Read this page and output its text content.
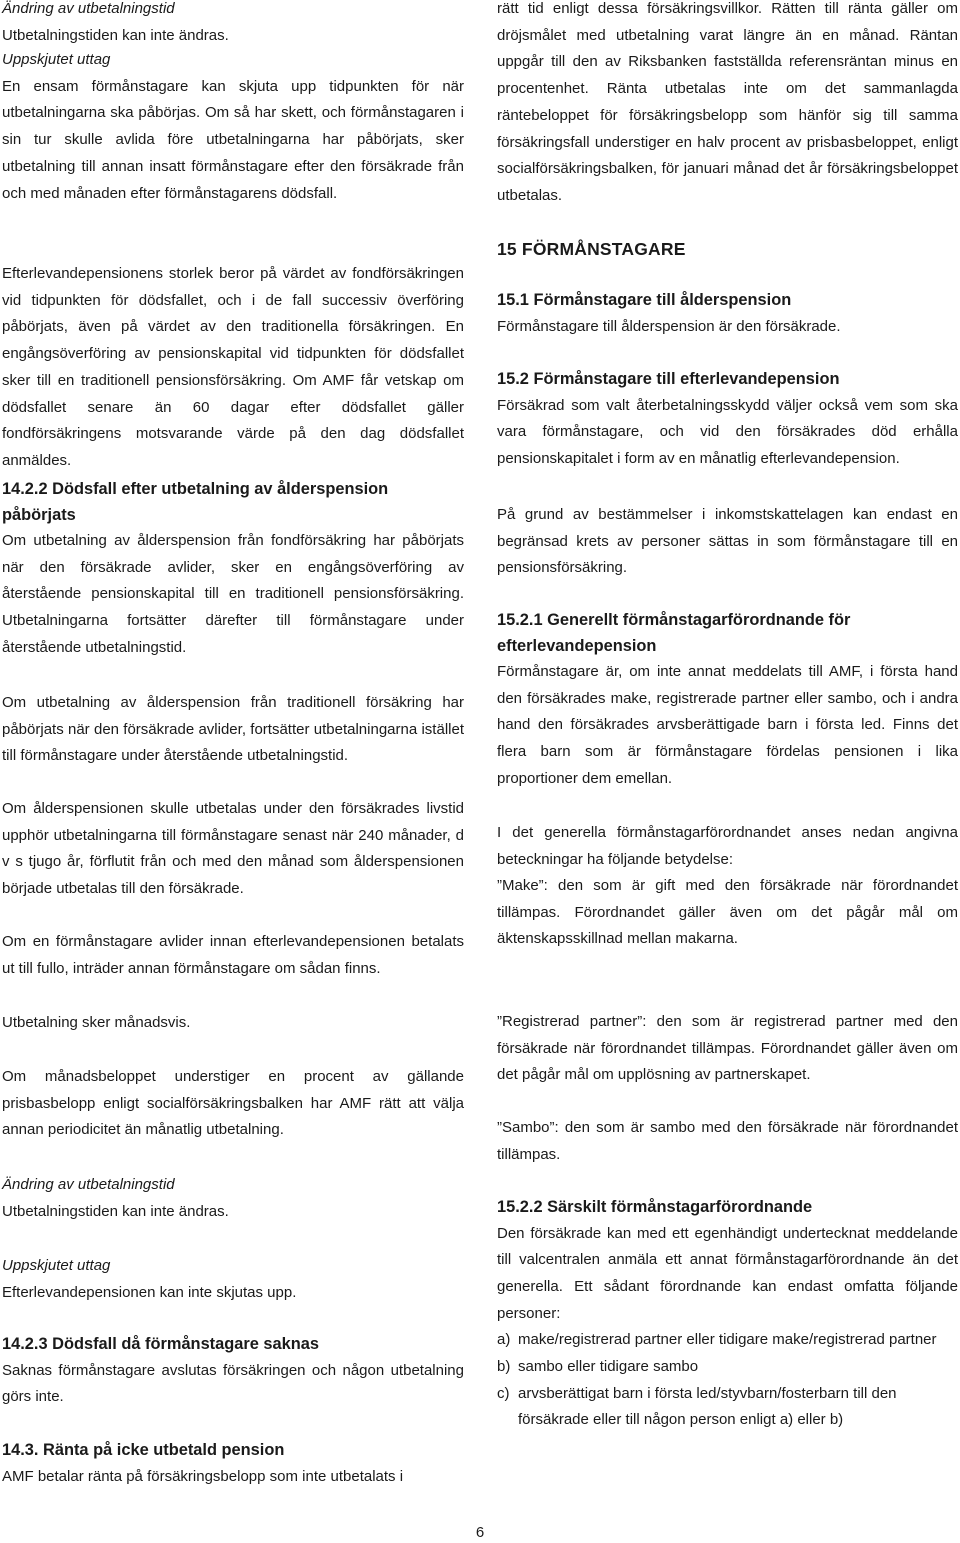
Ändring av utbetalningstid

Utbetalningstiden kan inte ändras.

Uppskjutet uttag

En ensam förmånstagare kan skjuta upp tidpunkten för när utbetalningarna ska påbörjas. Om så har skett, och förmånstagaren i sin tur skulle avlida före utbetalningarna har påbörjats, sker utbetalning till annan insatt förmånstagare efter den försäkrade från och med månaden efter förmånstagarens dödsfall.

Efterlevandepensionens storlek beror på värdet av fondförsäkringen vid tidpunkten för dödsfallet, och i de fall successiv överföring påbörjats, även på värdet av den traditionella försäkringen. En engångsöverföring av pensionskapital vid tidpunkten för dödsfallet sker till en traditionell pensionsförsäkring. Om AMF får vetskap om dödsfallet senare än 60 dagar efter dödsfallet gäller fondförsäkringens motsvarande värde på den dag dödsfallet anmäldes.

14.2.2 Dödsfall efter utbetalning av ålderspension påbörjats

Om utbetalning av ålderspension från fondförsäkring har påbörjats när den försäkrade avlider, sker en engångsöverföring av återstående pensionskapital till en traditionell pensionsförsäkring. Utbetalningarna fortsätter därefter till förmånstagare under återstående utbetalningstid.

Om utbetalning av ålderspension från traditionell försäkring har påbörjats när den försäkrade avlider, fortsätter utbetalningarna istället till förmånstagare under återstående utbetalningstid.

Om ålderspensionen skulle utbetalas under den försäkrades livstid upphör utbetalningarna till förmånstagare senast när 240 månader, d v s tjugo år, förflutit från och med den månad som ålderspensionen började utbetalas till den försäkrade.

Om en förmånstagare avlider innan efterlevandepensionen betalats ut till fullo, inträder annan förmånstagare om sådan finns.

Utbetalning sker månadsvis.

Om månadsbeloppet understiger en procent av gällande prisbasbelopp enligt socialförsäkringsbalken har AMF rätt att välja annan periodicitet än månatlig utbetalning.

Ändring av utbetalningstid

Utbetalningstiden kan inte ändras.

Uppskjutet uttag

Efterlevandepensionen kan inte skjutas upp.

14.2.3 Dödsfall då förmånstagare saknas

Saknas förmånstagare avslutas försäkringen och någon utbetalning görs inte.

14.3. Ränta på icke utbetald pension

AMF betalar ränta på försäkringsbelopp som inte utbetalats i

rätt tid enligt dessa försäkringsvillkor. Rätten till ränta gäller om dröjsmålet med utbetalning varat längre än en månad. Räntan uppgår till den av Riksbanken fastställda referensräntan minus en procentenhet. Ränta utbetalas inte om det sammanlagda räntebeloppet för försäkringsbelopp som hänför sig till samma försäkringsfall understiger en halv procent av prisbasbeloppet, enligt socialförsäkringsbalken, för januari månad det år försäkringsbeloppet utbetalas.

15 FÖRMÅNSTAGARE
15.1 Förmånstagare till ålderspension

Förmånstagare till ålderspension är den försäkrade.

15.2 Förmånstagare till efterlevandepension

Försäkrad som valt återbetalningsskydd väljer också vem som ska vara förmånstagare, och vid den försäkrades död erhålla pensionskapitalet i form av en månatlig efterlevandepension.

På grund av bestämmelser i inkomstskattelagen kan endast en begränsad krets av personer sättas in som förmånstagare till en pensionsförsäkring.

15.2.1 Generellt förmånstagarförordnande för efterlevandepension

Förmånstagare är, om inte annat meddelats till AMF, i första hand den försäkrades make, registrerade partner eller sambo, och i andra hand den försäkrades arvsberättigade barn i första led. Finns det flera barn som är förmånstagare fördelas pensionen i lika proportioner dem emellan.

I det generella förmånstagarförordnandet anses nedan angivna beteckningar ha följande betydelse:

”Make”: den som är gift med den försäkrade när förordnandet tillämpas. Förordnandet gäller även om det pågår mål om äktenskapsskillnad mellan makarna.

”Registrerad partner”: den som är registrerad partner med den försäkrade när förordnandet tillämpas. Förordnandet gäller även om det pågår mål om upplösning av partnerskapet.

”Sambo”: den som är sambo med den försäkrade när förordnandet tillämpas.

15.2.2 Särskilt förmånstagarförordnande

Den försäkrade kan med ett egenhändigt undertecknat meddelande till valcentralen anmäla ett annat förmånstagarförordnande än det generella. Ett sådant förordnande kan endast omfatta följande personer:

a) make/registrerad partner eller tidigare make/registrerad partner
b) sambo eller tidigare sambo
c) arvsberättigat barn i första led/styvbarn/fosterbarn till den försäkrade eller till någon person enligt a) eller b)
6
